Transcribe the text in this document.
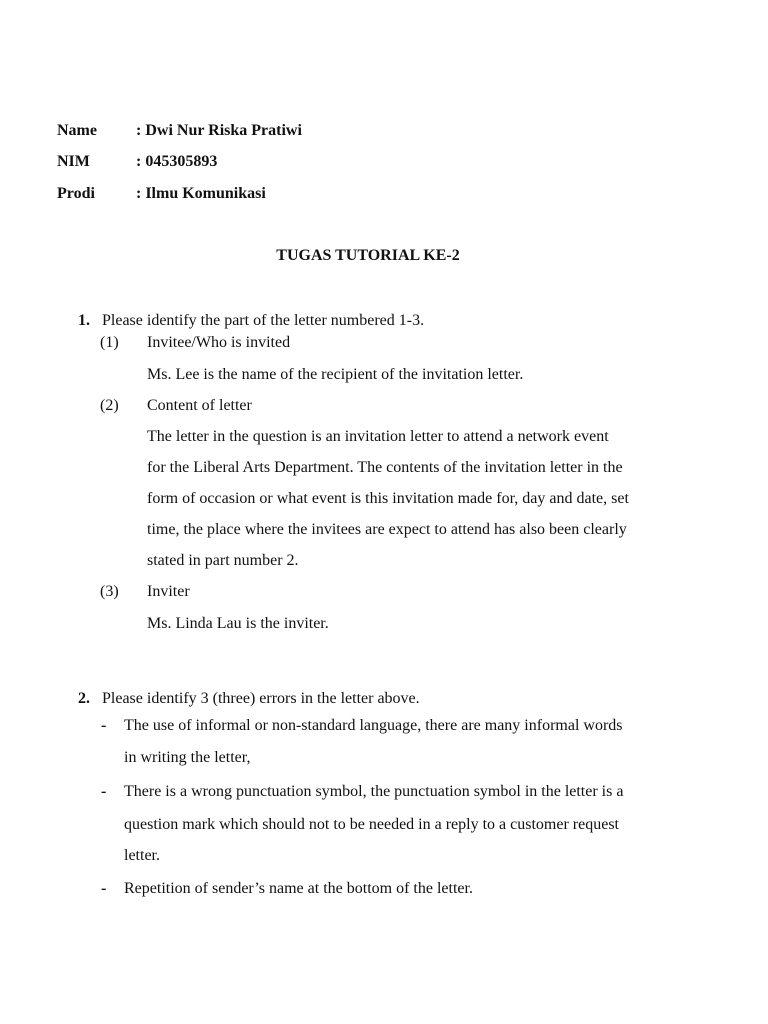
Name : Dwi Nur Riska Pratiwi
NIM	: 045305893
Prodi	: Ilmu Komunikasi
TUGAS TUTORIAL KE-2
1. Please identify the part of the letter numbered 1-3.
(1) Invitee/Who is invited
Ms. Lee is the name of the recipient of the invitation letter.
(2) Content of letter
The letter in the question is an invitation letter to attend a network event
for the Liberal Arts Department. The contents of the invitation letter in the
form of occasion or what event is this invitation made for, day and date, set
time, the place where the invitees are expect to attend has also been clearly
stated in part number 2.
(3) Inviter
Ms. Linda Lau is the inviter.
2. Please identify 3 (three) errors in the letter above.
- The use of informal or non-standard language, there are many informal words
in writing the letter,
- There is a wrong punctuation symbol, the punctuation symbol in the letter is a
question mark which should not to be needed in a reply to a customer request
letter.
- Repetition of sender’s name at the bottom of the letter.
